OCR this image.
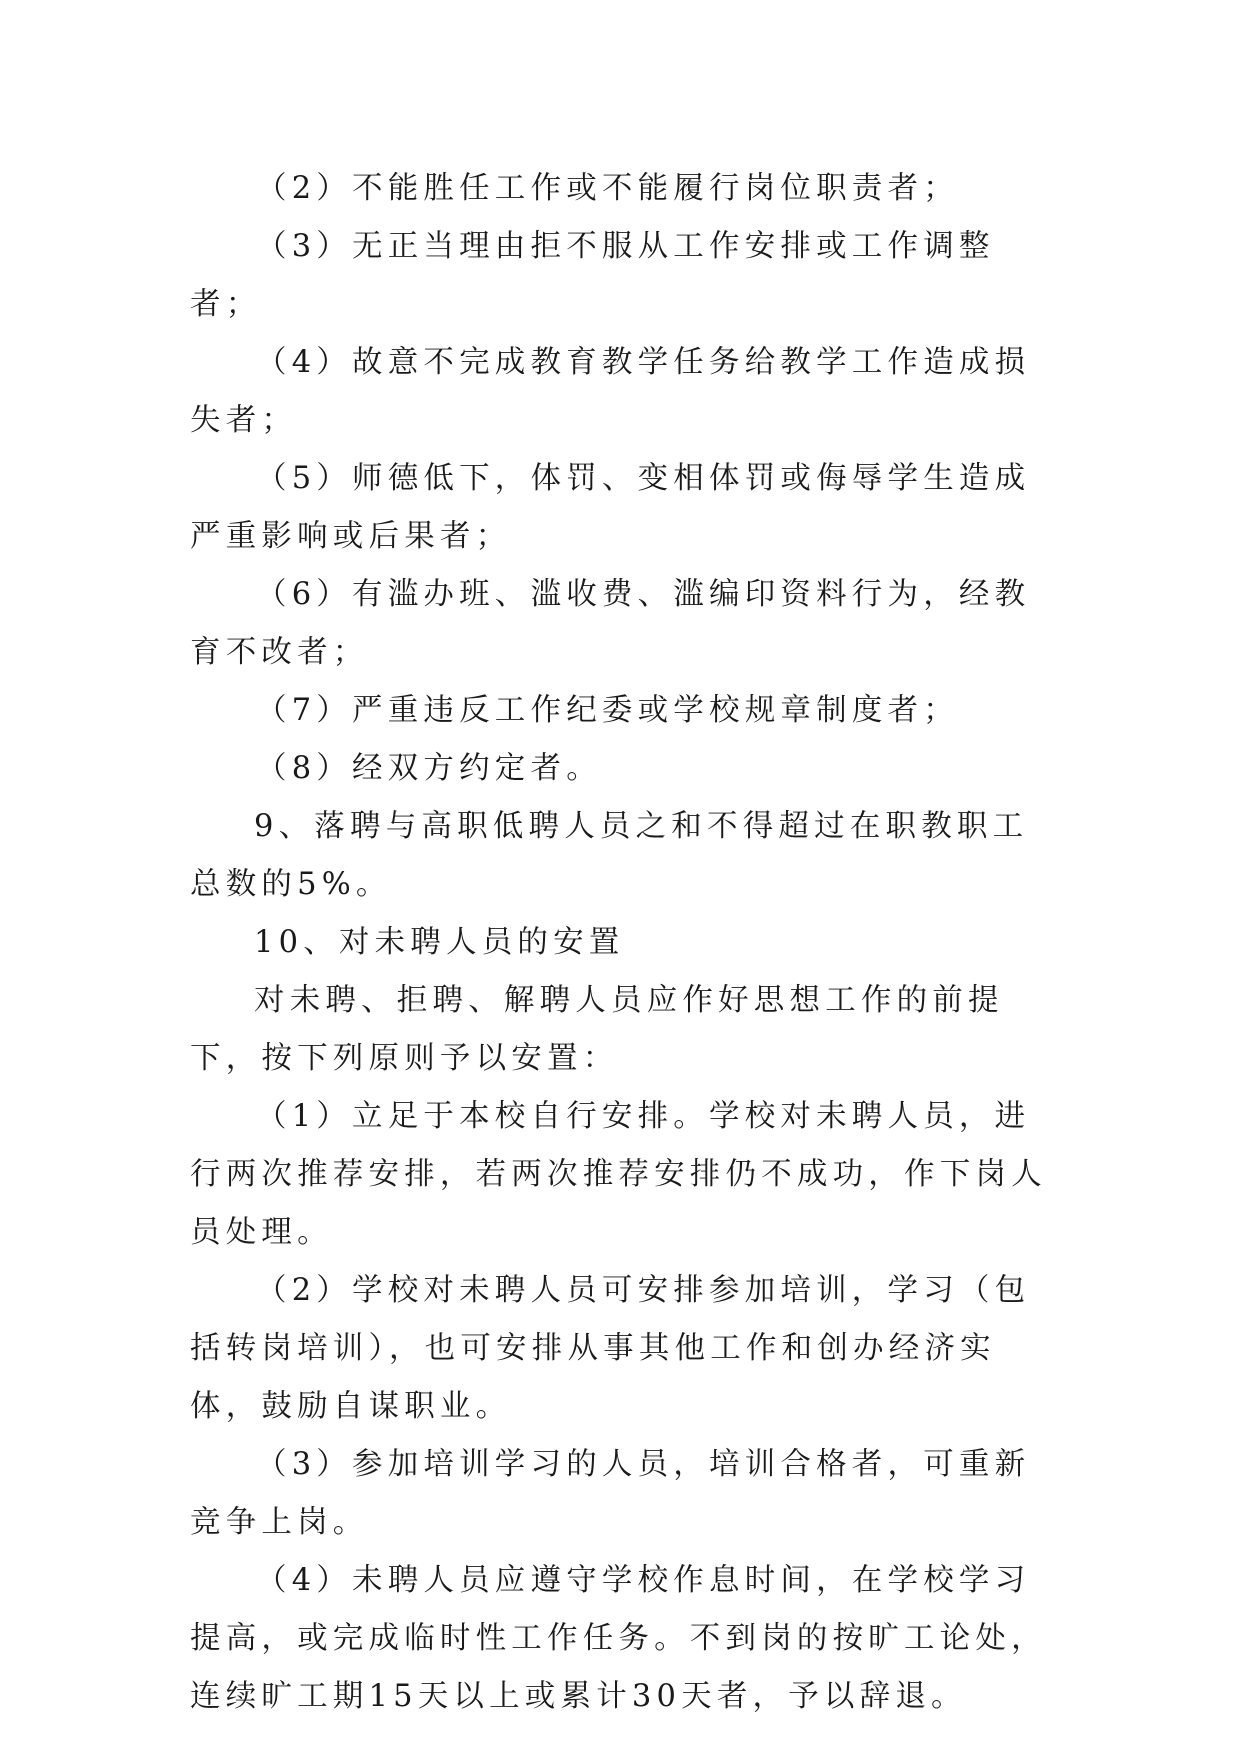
（2）不能胜任工作或不能履行岗位职责者；

（3）无正当理由拒不服从工作安排或工作调整者；

（4）故意不完成教育教学任务给教学工作造成损失者；

（5）师德低下，体罚、变相体罚或侮辱学生造成严重影响或后果者；

（6）有滥办班、滥收费、滥编印资料行为，经教育不改者；

（7）严重违反工作纪委或学校规章制度者；

（8）经双方约定者。

9、落聘与高职低聘人员之和不得超过在职教职工总数的5%。

10、对未聘人员的安置

对未聘、拒聘、解聘人员应作好思想工作的前提下，按下列原则予以安置：

（1）立足于本校自行安排。学校对未聘人员，进行两次推荐安排，若两次推荐安排仍不成功，作下岗人员处理。

（2）学校对未聘人员可安排参加培训，学习（包括转岗培训），也可安排从事其他工作和创办经济实体，鼓励自谋职业。

（3）参加培训学习的人员，培训合格者，可重新竞争上岗。

（4）未聘人员应遵守学校作息时间，在学校学习提高，或完成临时性工作任务。不到岗的按旷工论处，连续旷工期15天以上或累计30天者，予以辞退。
